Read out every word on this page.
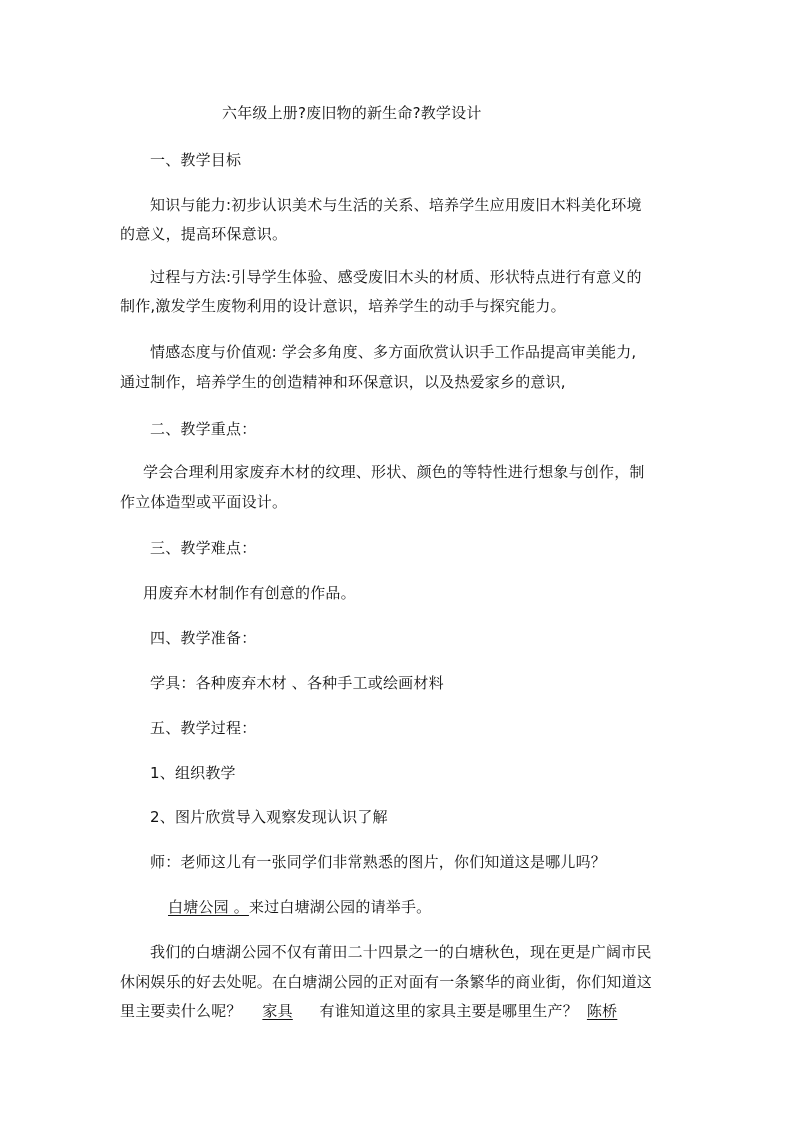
六年级上册?废旧物的新生命?教学设计
一、教学目标
知识与能力:初步认识美术与生活的关系、培养学生应用废旧木料美化环境
的意义，提高环保意识。
过程与方法:引导学生体验、感受废旧木头的材质、形状特点进行有意义的
制作,激发学生废物利用的设计意识，培养学生的动手与探究能力。
情感态度与价值观: 学会多角度、多方面欣赏认识手工作品提高审美能力,
通过制作，培养学生的创造精神和环保意识，以及热爱家乡的意识,
二、教学重点：
学会合理利用家废弃木材的纹理、形状、颜色的等特性进行想象与创作，制
作立体造型或平面设计。
三、教学难点：
用废弃木材制作有创意的作品。
四、教学准备：
学具：各种废弃木材 、各种手工或绘画材料
五、教学过程：
1、组织教学
2、图片欣赏导入观察发现认识了解
师：老师这儿有一张同学们非常熟悉的图片，你们知道这是哪儿吗？
白塘公园 。来过白塘湖公园的请举手。
我们的白塘湖公园不仅有莆田二十四景之一的白塘秋色，现在更是广阔市民
休闲娱乐的好去处呢。在白塘湖公园的正对面有一条繁华的商业街，你们知道这
里主要卖什么呢？ 家具 有谁知道这里的家具主要是哪里生产？ 陈桥
